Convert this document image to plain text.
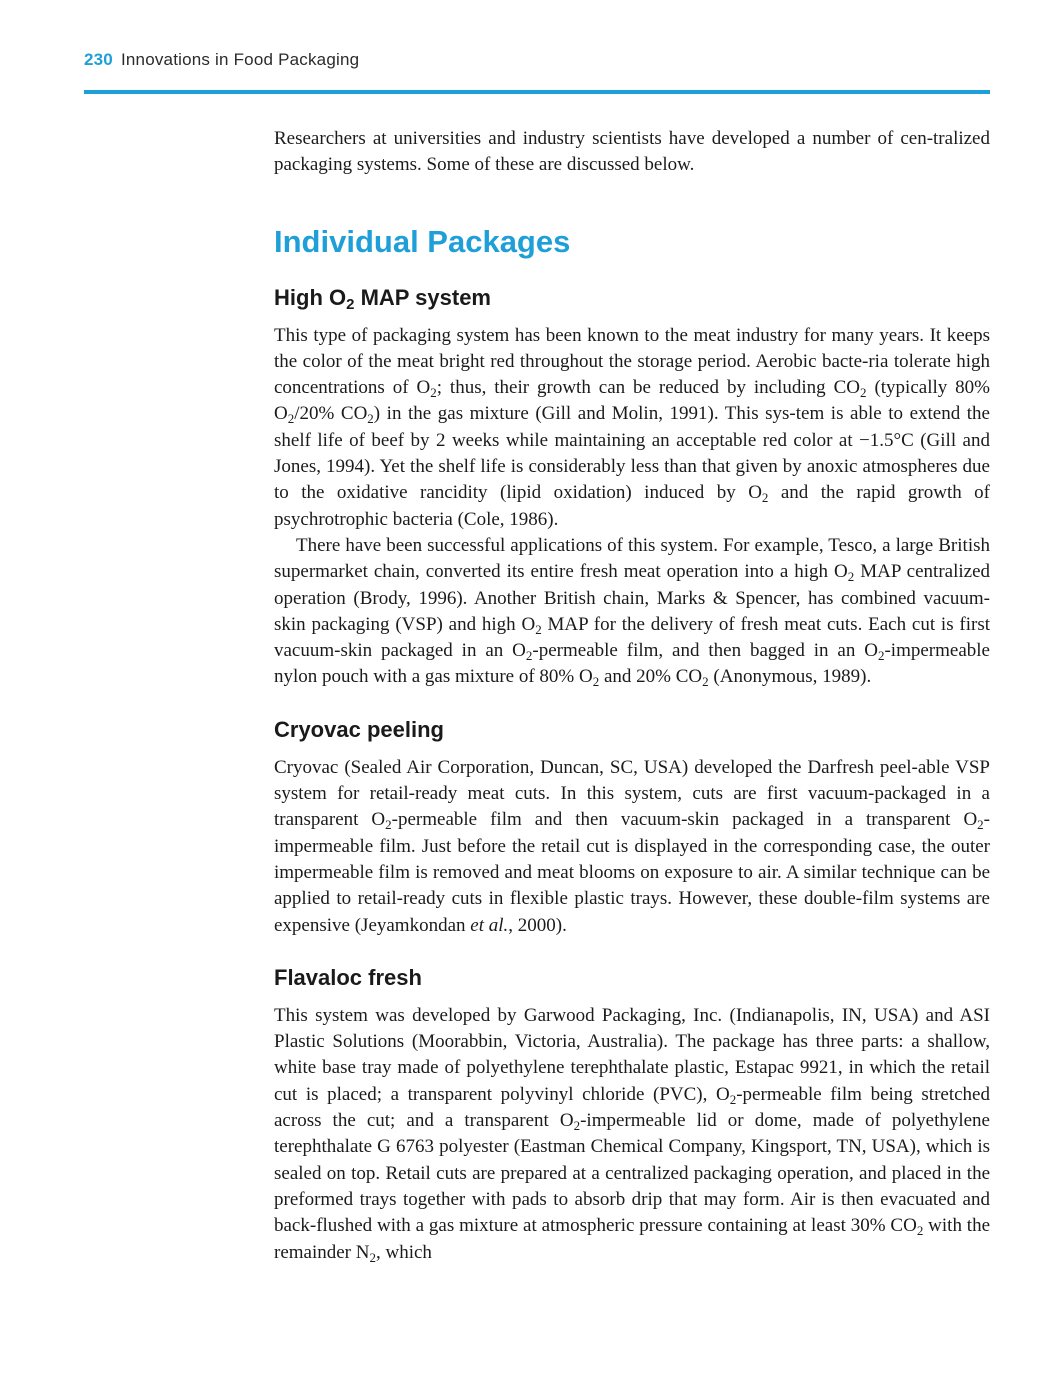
230 Innovations in Food Packaging

Researchers at universities and industry scientists have developed a number of cen-tralized packaging systems. Some of these are discussed below.

Individual Packages
High $O_2$ MAP system

This type of packaging system has been known to the meat industry for many years. It keeps the color of the meat bright red throughout the storage period. Aerobic bacte-ria tolerate high concentrations of $O_2$; thus, their growth can be reduced by including $CO_2$ (typically 80% $O_2/20\%$ $CO_2$) in the gas mixture (Gill and Molin, 1991). This sys-tem is able to extend the shelf life of beef by 2 weeks while maintaining an acceptable red color at −1.5°C (Gill and Jones, 1994). Yet the shelf life is considerably less than that given by anoxic atmospheres due to the oxidative rancidity (lipid oxidation) induced by $O_2$ and the rapid growth of psychrotrophic bacteria (Cole, 1986).

There have been successful applications of this system. For example, Tesco, a large British supermarket chain, converted its entire fresh meat operation into a high $O_2$ MAP centralized operation (Brody, 1996). Another British chain, Marks & Spencer, has combined vacuum-skin packaging (VSP) and high $O_2$ MAP for the delivery of fresh meat cuts. Each cut is first vacuum-skin packaged in an $O_2$-permeable film, and then bagged in an $O_2$-impermeable nylon pouch with a gas mixture of 80% $O_2$ and 20% $CO_2$ (Anonymous, 1989).

Cryovac peeling

Cryovac (Sealed Air Corporation, Duncan, SC, USA) developed the Darfresh peel-able VSP system for retail-ready meat cuts. In this system, cuts are first vacuum-packaged in a transparent $O_2$-permeable film and then vacuum-skin packaged in a transparent $O_2$-impermeable film. Just before the retail cut is displayed in the corresponding case, the outer impermeable film is removed and meat blooms on exposure to air. A similar technique can be applied to retail-ready cuts in flexible plastic trays. However, these double-film systems are expensive (Jeyamkondan et al., 2000).

Flavaloc fresh

This system was developed by Garwood Packaging, Inc. (Indianapolis, IN, USA) and ASI Plastic Solutions (Moorabbin, Victoria, Australia). The package has three parts: a shallow, white base tray made of polyethylene terephthalate plastic, Estapac 9921, in which the retail cut is placed; a transparent polyvinyl chloride (PVC), $O_2$-permeable film being stretched across the cut; and a transparent $O_2$-impermeable lid or dome, made of polyethylene terephthalate G 6763 polyester (Eastman Chemical Company, Kingsport, TN, USA), which is sealed on top. Retail cuts are prepared at a centralized packaging operation, and placed in the preformed trays together with pads to absorb drip that may form. Air is then evacuated and back-flushed with a gas mixture at atmospheric pressure containing at least 30% $CO_2$ with the remainder $N_2$, which
